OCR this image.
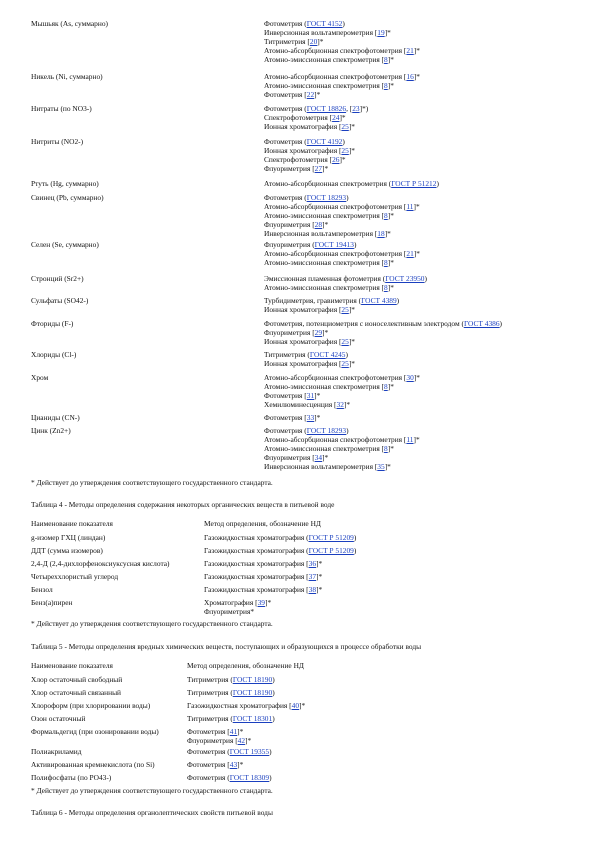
Мышьяк (As, суммарно)	Фотометрия (ГОСТ 4152)
Инверсионная вольтамперометрия [19]*
Титриметрия [20]*
Атомно-абсорбционная спектрофотометрия [21]*
Атомно-эмиссионная спектрометрия [8]*
Никель (Ni, суммарно)	Атомно-абсорбционная спектрофотометрия [16]*
Атомно-эмиссионная спектрометрия [8]*
Фотометрия [22]*
Нитраты (по NO3-)	Фотометрия (ГОСТ 18826, [23]*)
Спектрофотометрия [24]*
Ионная хроматография [25]*
Нитриты (NO2-)	Фотометрия (ГОСТ 4192)
Ионная хроматография [25]*
Спектрофотометрия [26]*
Флуориметрия [27]*
Ртуть (Hg, суммарно)	Атомно-абсорбционная спектрометрия (ГОСТ Р 51212)
Свинец (Pb, суммарно)	Фотометрия (ГОСТ 18293)
Атомно-абсорбционная спектрофотометрия [11]*
Атомно-эмиссионная спектрометрия [8]*
Флуориметрия [28]*
Инверсионная вольтамперометрия [18]*
Селен (Se, суммарно)	Флуориметрия (ГОСТ 19413)
Атомно-абсорбционная спектрофотометрия [21]*
Атомно-эмиссионная спектрометрия [8]*
Стронций (Sr2+)	Эмиссионная пламенная фотометрия (ГОСТ 23950)
Атомно-эмиссионная спектрометрия [8]*
Сульфаты (SO42-)	Турбидиметрия, гравиметрия (ГОСТ 4389)
Ионная хроматография [25]*
Фториды (F-)	Фотометрия, потенциометрия с ионоселективным электродом (ГОСТ 4386)
Флуориметрия [29]*
Ионная хроматография [25]*
Хлориды (Cl-)	Титриметрия (ГОСТ 4245)
Ионная хроматография [25]*
Хром	Атомно-абсорбционная спектрофотометрия [30]*
Атомно-эмиссионная спектрометрия [8]*
Фотометрия [31]*
Хемилюминесценция [32]*
Цианиды (CN-)	Фотометрия [33]*
Цинк (Zn2+)	Фотометрия (ГОСТ 18293)
Атомно-абсорбционная спектрофотометрия [11]*
Атомно-эмиссионная спектрометрия [8]*
Флуориметрия [34]*
Инверсионная вольтамперометрия [35]*
* Действует до утверждения соответствующего государственного стандарта.
Таблица 4 - Методы определения содержания некоторых органических веществ в питьевой воде
Наименование показателя	Метод определения, обозначение НД
g-изомер ГХЦ (линдан)	Газожидкостная хроматография (ГОСТ Р 51209)
ДДТ (сумма изомеров)	Газожидкостная хроматография (ГОСТ Р 51209)
2,4-Д (2,4-дихлорфеноксиуксусная кислота)	Газожидкостная хроматография [36]*
Четыреххлористый углерод	Газожидкостная хроматография [37]*
Бензол	Газожидкостная хроматография [38]*
Бенз(а)пирен	Хроматография [39]*
Флуориметрия*
* Действует до утверждения соответствующего государственного стандарта.
Таблица 5 - Методы определения вредных химических веществ, поступающих и образующихся в процессе обработки воды
Наименование показателя	Метод определения, обозначение НД
Хлор остаточный свободный	Титриметрия (ГОСТ 18190)
Хлор остаточный связанный	Титриметрия (ГОСТ 18190)
Хлороформ (при хлорировании воды)	Газожидкостная хроматография [40]*
Озон остаточный	Титриметрия (ГОСТ 18301)
Формальдегид (при озонировании воды)	Фотометрия [41]*
Флуориметрия [42]*
Полиакриламид	Фотометрия (ГОСТ 19355)
Активированная кремнекислота (по Si)	Фотометрия [43]*
Полифосфаты (по PO43-)	Фотометрия (ГОСТ 18309)
* Действует до утверждения соответствующего государственного стандарта.
Таблица 6 - Методы определения органолептических свойств питьевой воды
